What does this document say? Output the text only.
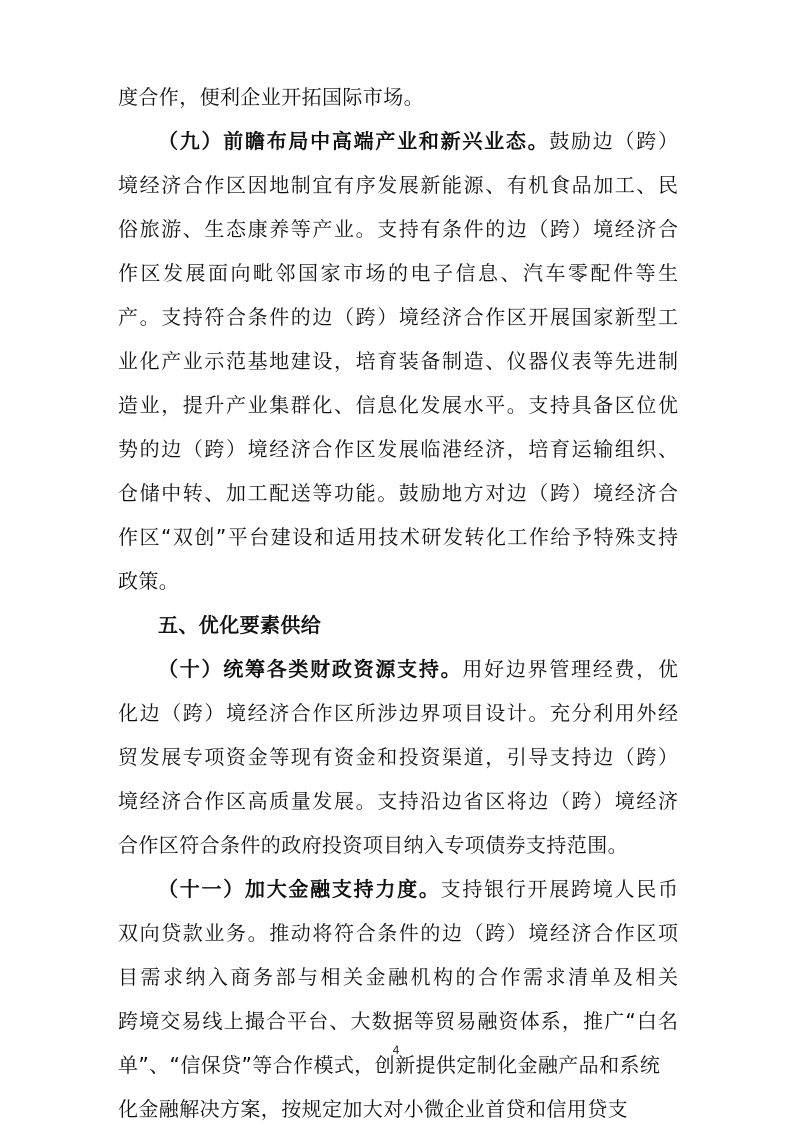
度合作，便利企业开拓国际市场。
（九）前瞻布局中高端产业和新兴业态。鼓励边（跨）
境经济合作区因地制宜有序发展新能源、有机食品加工、民
俗旅游、生态康养等产业。支持有条件的边（跨）境经济合
作区发展面向毗邻国家市场的电子信息、汽车零配件等生
产。支持符合条件的边（跨）境经济合作区开展国家新型工
业化产业示范基地建设，培育装备制造、仪器仪表等先进制
造业，提升产业集群化、信息化发展水平。支持具备区位优
势的边（跨）境经济合作区发展临港经济，培育运输组织、
仓储中转、加工配送等功能。鼓励地方对边（跨）境经济合
作区“双创”平台建设和适用技术研发转化工作给予特殊支持
政策。
五、优化要素供给
（十）统筹各类财政资源支持。用好边界管理经费，优
化边（跨）境经济合作区所涉边界项目设计。充分利用外经
贸发展专项资金等现有资金和投资渠道，引导支持边（跨）
境经济合作区高质量发展。支持沿边省区将边（跨）境经济
合作区符合条件的政府投资项目纳入专项债券支持范围。
（十一）加大金融支持力度。支持银行开展跨境人民币
双向贷款业务。推动将符合条件的边（跨）境经济合作区项
目需求纳入商务部与相关金融机构的合作需求清单及相关
跨境交易线上撮合平台、大数据等贸易融资体系，推广“白名
单”、“信保贷”等合作模式，创新提供定制化金融产品和系统
化金融解决方案，按规定加大对小微企业首贷和信用贷支
4
